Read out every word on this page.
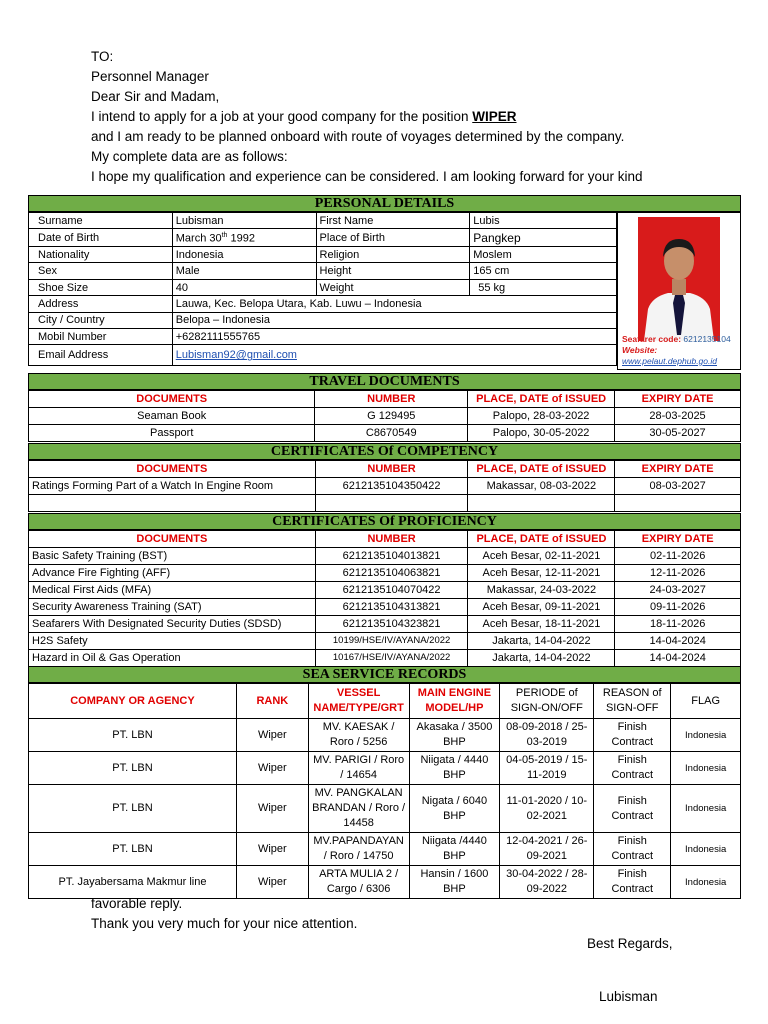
TO:

Personnel Manager

Dear Sir and Madam,

I intend to apply for a job at your good company for the position WIPER

and I am ready to be planned onboard with route of voyages determined by the company.

My complete data are as follows:

I hope my qualification and experience can be considered. I am looking forward for your kind

PERSONAL DETAILS
Surname	Lubisman	First Name	Lubis
Date of Birth	March 30th 1992	Place of Birth	Pangkep
Nationality	Indonesia	Religion	Moslem
Sex	Male	Height	165 cm
Shoe Size	40	Weight	55 kg
Address	Lauwa, Kec. Belopa Utara, Kab. Luwu – Indonesia		
City / Country	Belopa – Indonesia		
Mobil Number	+6282111555765		
Email Address	Lubisman92@gmail.com		
Seafarer code: 6212135104
Website:
www.pelaut.dephub.go.id
TRAVEL DOCUMENTS
DOCUMENTS	NUMBER	PLACE, DATE of ISSUED	EXPIRY DATE
Seaman Book	G 129495	Palopo, 28-03-2022	28-03-2025
Passport	C8670549	Palopo, 30-05-2022	30-05-2027
CERTIFICATES Of COMPETENCY
DOCUMENTS	NUMBER	PLACE, DATE of ISSUED	EXPIRY DATE
Ratings Forming Part of a Watch In Engine Room	6212135104350422	Makassar, 08-03-2022	08-03-2027

CERTIFICATES Of PROFICIENCY
DOCUMENTS	NUMBER	PLACE, DATE of ISSUED	EXPIRY DATE
Basic Safety Training (BST)	6212135104013821	Aceh Besar, 02-11-2021	02-11-2026
Advance Fire Fighting (AFF)	6212135104063821	Aceh Besar, 12-11-2021	12-11-2026
Medical First Aids (MFA)	6212135104070422	Makassar, 24-03-2022	24-03-2027
Security Awareness Training (SAT)	6212135104313821	Aceh Besar, 09-11-2021	09-11-2026
Seafarers With Designated Security Duties (SDSD)	6212135104323821	Aceh Besar, 18-11-2021	18-11-2026
H2S Safety	10199/HSE/IV/AYANA/2022	Jakarta, 14-04-2022	14-04-2024
Hazard in Oil & Gas Operation	10167/HSE/IV/AYANA/2022	Jakarta, 14-04-2022	14-04-2024
SEA SERVICE RECORDS
COMPANY OR AGENCY	RANK	VESSEL NAME/TYPE/GRT	MAIN ENGINE MODEL/HP	PERIODE of SIGN-ON/OFF	REASON of SIGN-OFF	FLAG
PT. LBN	Wiper	MV. KAESAK / Roro / 5256	Akasaka / 3500 BHP	08-09-2018 / 25-03-2019	Finish Contract	Indonesia
PT. LBN	Wiper	MV. PARIGI / Roro / 14654	Niigata / 4440 BHP	04-05-2019 / 15-11-2019	Finish Contract	Indonesia
PT. LBN	Wiper	MV. PANGKALAN BRANDAN / Roro / 14458	Nigata / 6040 BHP	11-01-2020 / 10-02-2021	Finish Contract	Indonesia
PT. LBN	Wiper	MV.PAPANDAYAN / Roro / 14750	Niigata /4440 BHP	12-04-2021 / 26-09-2021	Finish Contract	Indonesia
PT. Jayabersama Makmur line	Wiper	ARTA MULIA 2 / Cargo / 6306	Hansin / 1600 BHP	30-04-2022 / 28-09-2022	Finish Contract	Indonesia

favorable reply.

Thank you very much for your nice attention.

Best Regards,
Lubisman
